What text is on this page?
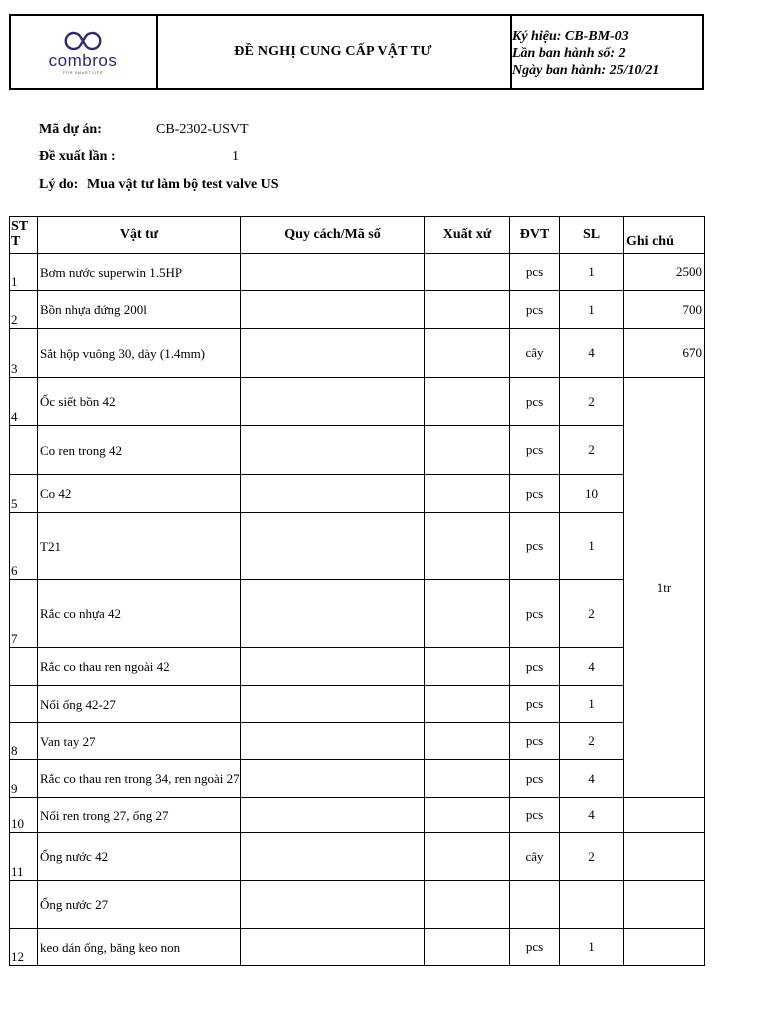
combros
FOR SMART LIFE
ĐỀ NGHỊ CUNG CẤP VẬT TƯ
Ký hiệu: CB-BM-03
Lần ban hành số: 2
Ngày ban hành: 25/10/21
Mã dự án:	CB-2302-USVT
Đề xuất lần :	1
Lý do: Mua vật tư làm bộ test valve US
ST T	Vật tư	Quy cách/Mã số	Xuất xứ	ĐVT	SL	Ghi chú
1	Bơm nước superwin 1.5HP			pcs	1	2500
2	Bồn nhựa đứng 200l			pcs	1	700
3	Sắt hộp vuông 30, dày (1.4mm)			cây	4	670
4	Ốc siết bồn 42			pcs	2	1tr
	Co ren trong 42			pcs	2	
5	Co 42			pcs	10	
6	T21			pcs	1	
7	Rắc co nhựa 42			pcs	2	
	Rắc co thau ren ngoài 42			pcs	4	
	Nối ống 42-27			pcs	1	
8	Van tay 27			pcs	2	
9	Rắc co thau ren trong 34, ren ngoài 27			pcs	4	
10	Nối ren trong 27, ống 27			pcs	4	
11	Ống nước 42			cây	2	
	Ống nước 27					
12	keo dán ống, băng keo non			pcs	1	
